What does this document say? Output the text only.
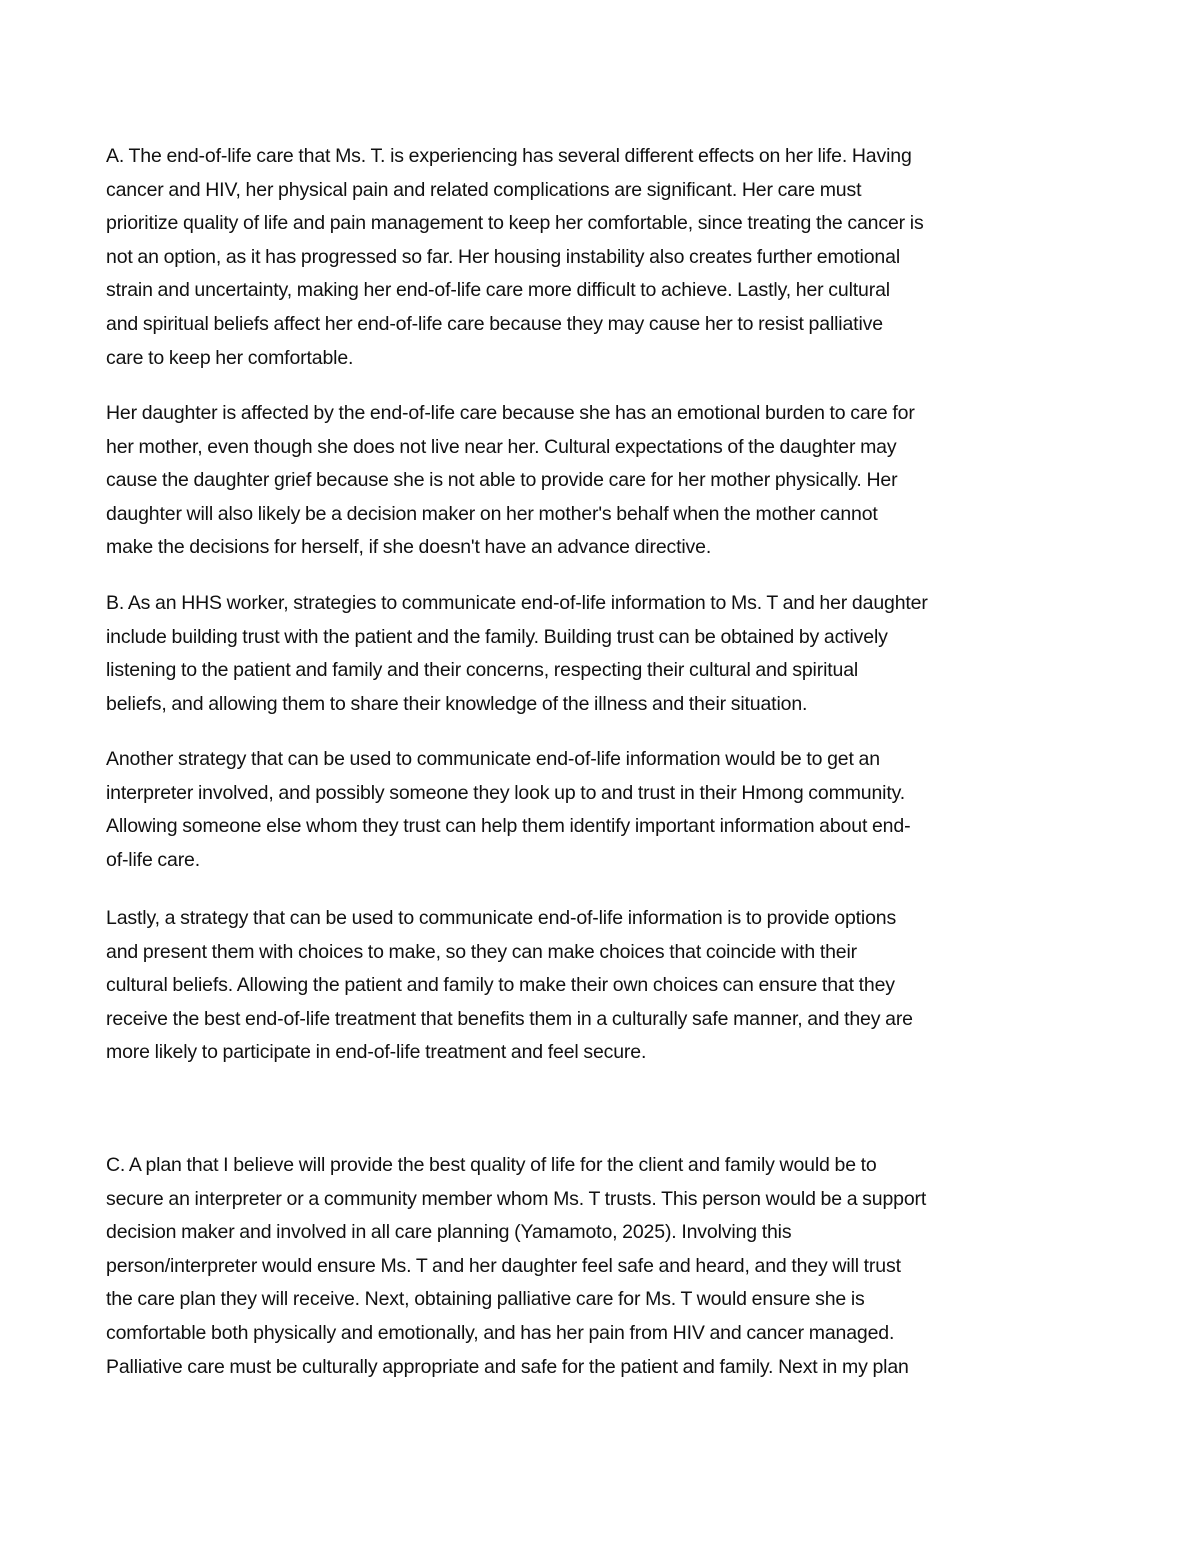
A. The end-of-life care that Ms. T. is experiencing has several different effects on her life. Having
cancer and HIV, her physical pain and related complications are significant. Her care must
prioritize quality of life and pain management to keep her comfortable, since treating the cancer is
not an option, as it has progressed so far. Her housing instability also creates further emotional
strain and uncertainty, making her end-of-life care more difficult to achieve. Lastly, her cultural
and spiritual beliefs affect her end-of-life care because they may cause her to resist palliative
care to keep her comfortable.
Her daughter is affected by the end-of-life care because she has an emotional burden to care for
her mother, even though she does not live near her. Cultural expectations of the daughter may
cause the daughter grief because she is not able to provide care for her mother physically. Her
daughter will also likely be a decision maker on her mother's behalf when the mother cannot
make the decisions for herself, if she doesn't have an advance directive.
B. As an HHS worker, strategies to communicate end-of-life information to Ms. T and her daughter
include building trust with the patient and the family. Building trust can be obtained by actively
listening to the patient and family and their concerns, respecting their cultural and spiritual
beliefs, and allowing them to share their knowledge of the illness and their situation.
Another strategy that can be used to communicate end-of-life information would be to get an
interpreter involved, and possibly someone they look up to and trust in their Hmong community.
Allowing someone else whom they trust can help them identify important information about end-
of-life care.
Lastly, a strategy that can be used to communicate end-of-life information is to provide options
and present them with choices to make, so they can make choices that coincide with their
cultural beliefs. Allowing the patient and family to make their own choices can ensure that they
receive the best end-of-life treatment that benefits them in a culturally safe manner, and they are
more likely to participate in end-of-life treatment and feel secure.
C. A plan that I believe will provide the best quality of life for the client and family would be to
secure an interpreter or a community member whom Ms. T trusts. This person would be a support
decision maker and involved in all care planning (Yamamoto, 2025). Involving this
person/interpreter would ensure Ms. T and her daughter feel safe and heard, and they will trust
the care plan they will receive. Next, obtaining palliative care for Ms. T would ensure she is
comfortable both physically and emotionally, and has her pain from HIV and cancer managed.
Palliative care must be culturally appropriate and safe for the patient and family. Next in my plan
